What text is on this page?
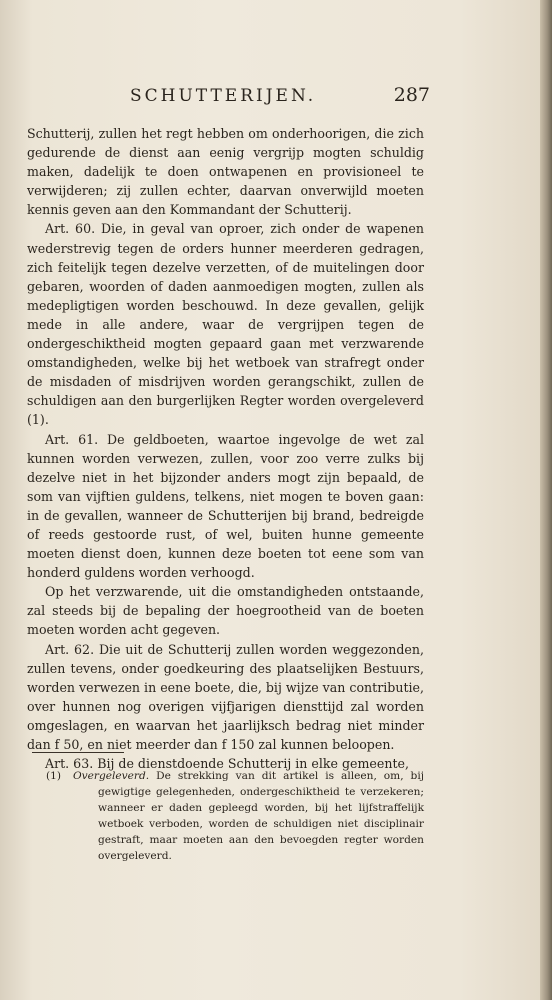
SCHUTTERIJEN.	287

Schutterij, zullen het regt hebben om onderhoorigen, die zich gedurende de dienst aan eenig vergrijp mogten schuldig maken, dadelijk te doen ontwapenen en provisioneel te verwijderen; zij zullen echter, daarvan onverwijld moeten kennis geven aan den Kommandant der Schutterij.

Art. 60. Die, in geval van oproer, zich onder de wapenen wederstrevig tegen de orders hunner meerderen gedragen, zich feitelijk tegen dezelve verzetten, of de muitelingen door gebaren, woorden of daden aanmoedigen mogten, zullen als medepligtigen worden beschouwd. In deze gevallen, gelijk mede in alle andere, waar de vergrijpen tegen de ondergeschiktheid mogten gepaard gaan met verzwarende omstandigheden, welke bij het wetboek van strafregt onder de misdaden of misdrijven worden gerangschikt, zullen de schuldigen aan den burgerlijken Regter worden overgeleverd (1).

Art. 61. De geldboeten, waartoe ingevolge de wet zal kunnen worden verwezen, zullen, voor zoo verre zulks bij dezelve niet in het bijzonder anders mogt zijn bepaald, de som van vijftien guldens, telkens, niet mogen te boven gaan: in de gevallen, wanneer de Schutterijen bij brand, bedreigde of reeds gestoorde rust, of wel, buiten hunne gemeente moeten dienst doen, kunnen deze boeten tot eene som van honderd guldens worden verhoogd.

Op het verzwarende, uit die omstandigheden ontstaande, zal steeds bij de bepaling der hoegrootheid van de boeten moeten worden acht gegeven.

Art. 62. Die uit de Schutterij zullen worden weggezonden, zullen tevens, onder goedkeuring des plaatselijken Bestuurs, worden verwezen in eene boete, die, bij wijze van contributie, over hunnen nog overigen vijfjarigen diensttijd zal worden omgeslagen, en waarvan het jaarlijksch bedrag niet minder dan f 50, en niet meerder dan f 150 zal kunnen beloopen.

Art. 63. Bij de dienstdoende Schutterij in elke gemeente,

(1) Overgeleverd. De strekking van dit artikel is alleen, om, bij gewigtige gelegenheden, ondergeschiktheid te verzekeren; wanneer er daden gepleegd worden, bij het lijfstraffelijk wetboek verboden, worden de schuldigen niet disciplinair gestraft, maar moeten aan den bevoegden regter worden overgeleverd.
